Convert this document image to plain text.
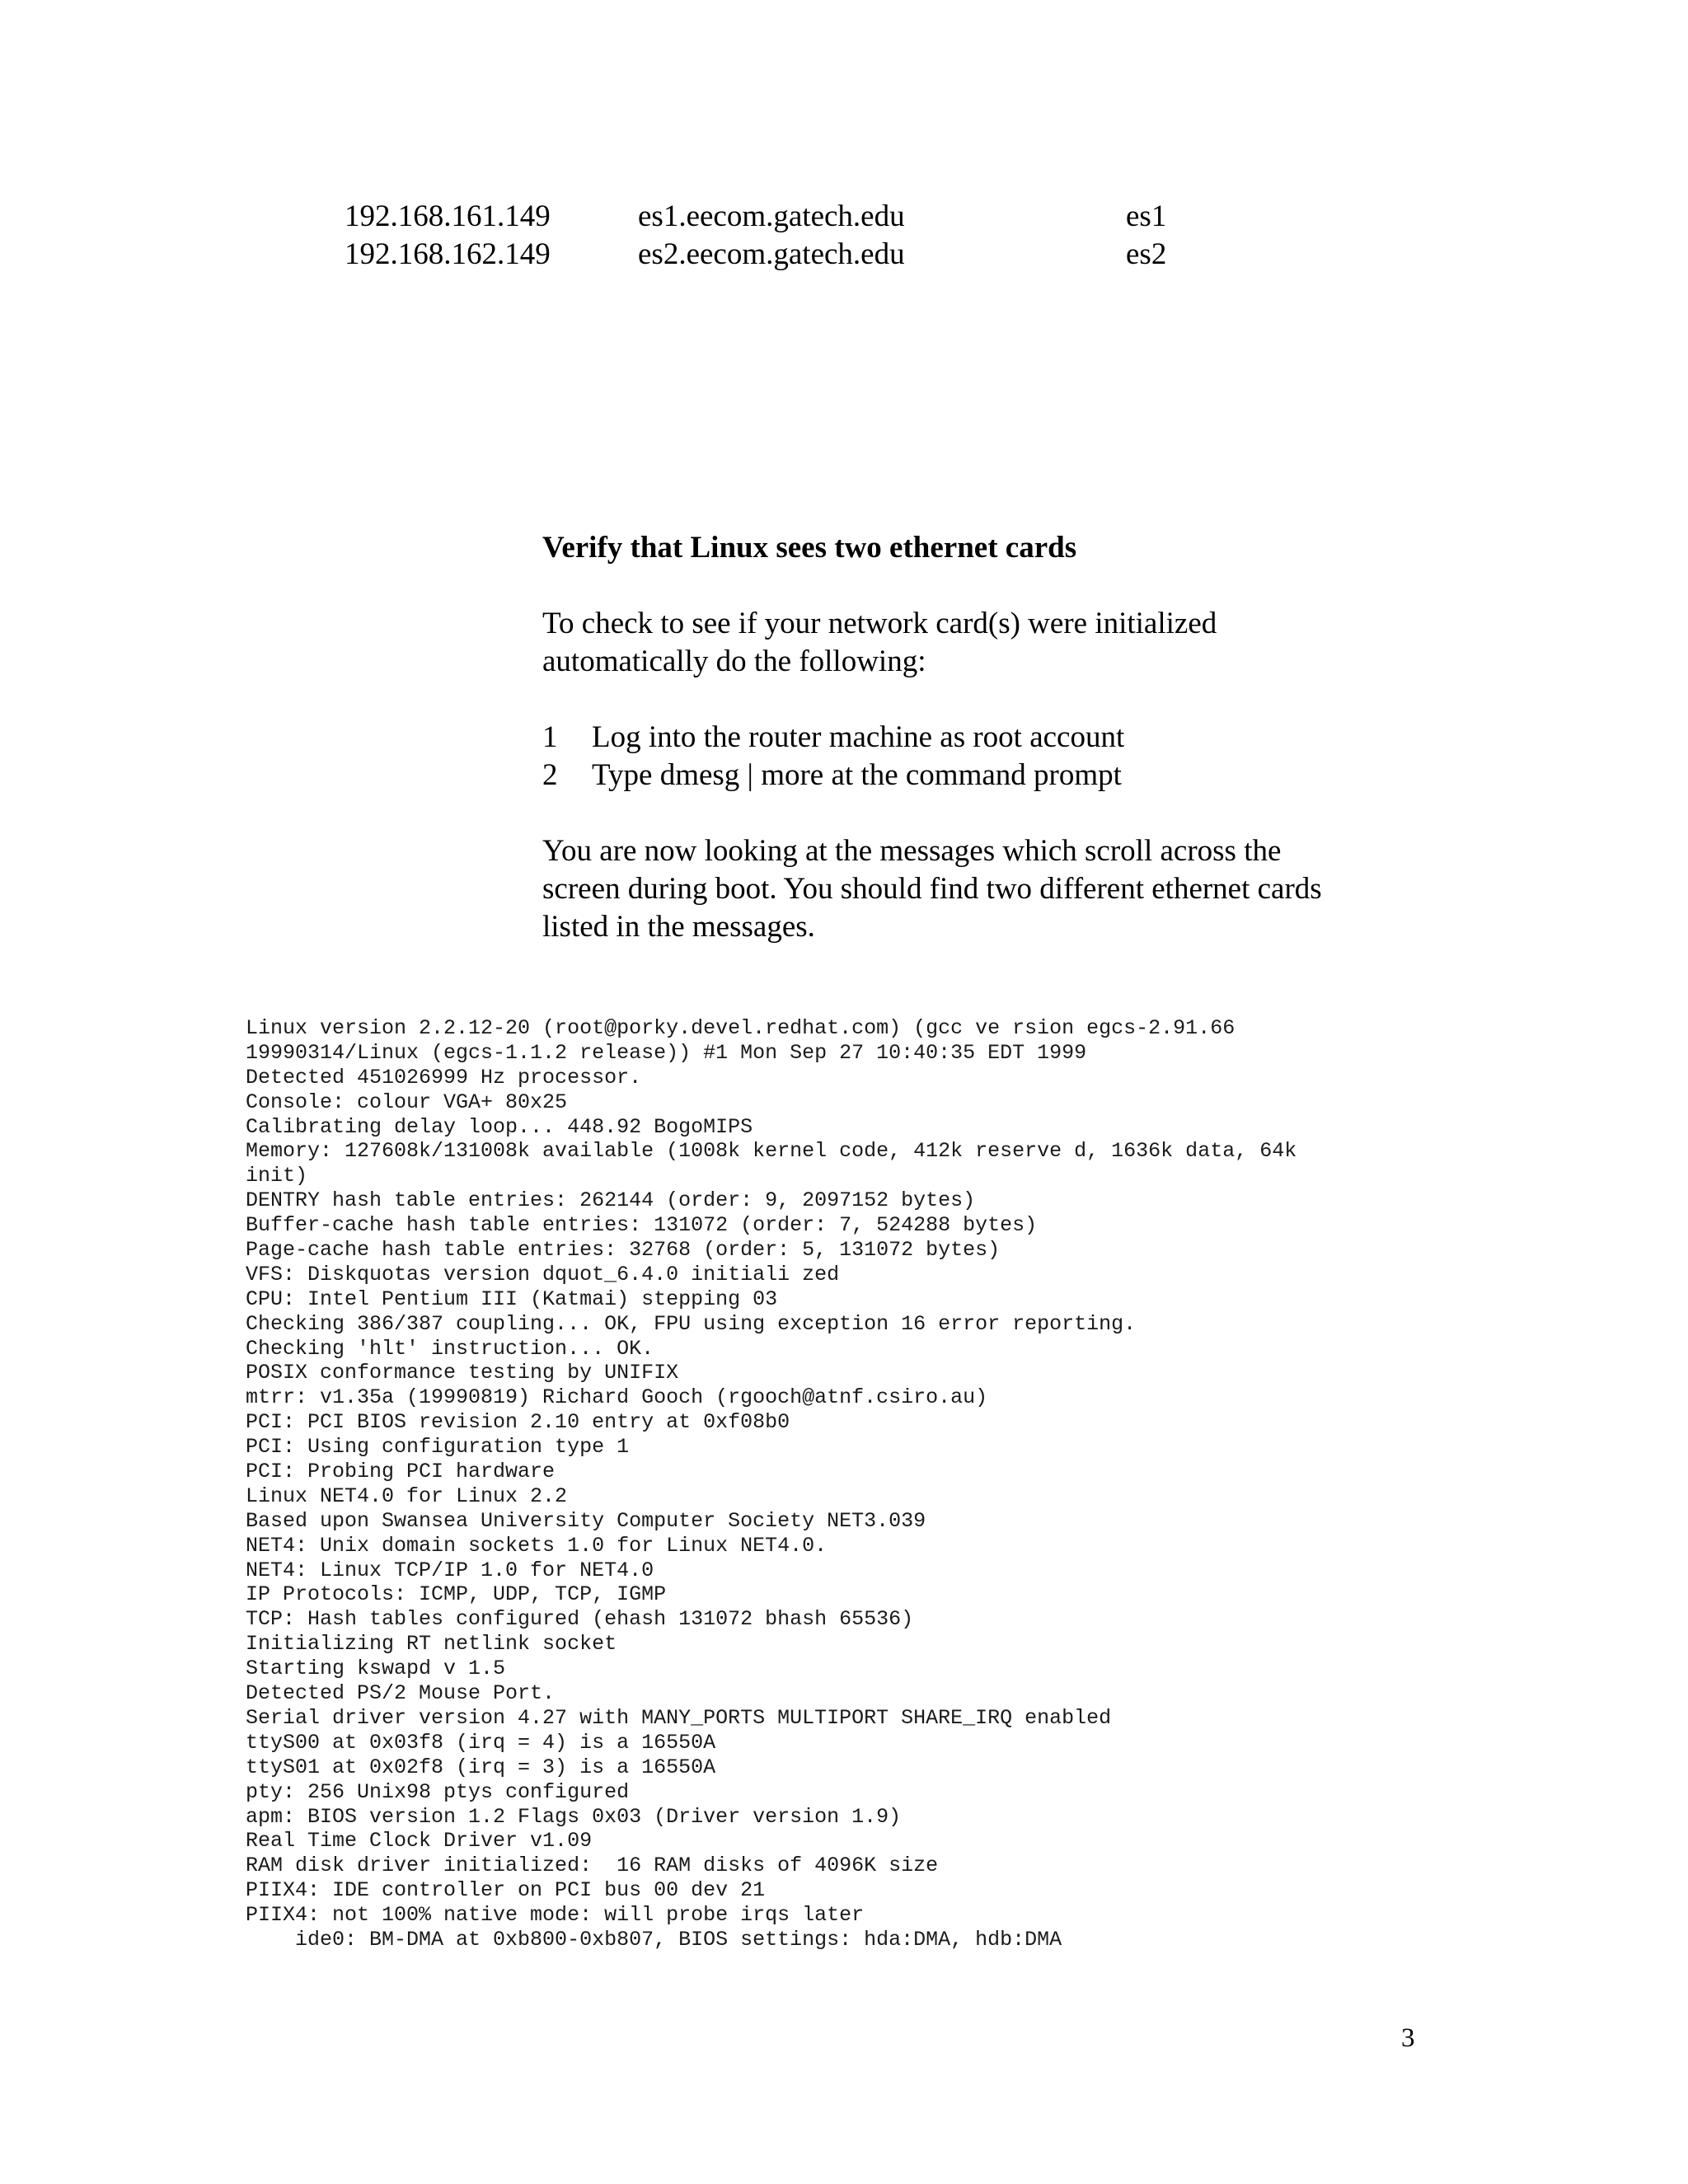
192.168.161.149	es1.eecom.gatech.edu	es1
192.168.162.149	es2.eecom.gatech.edu	es2
Verify that Linux sees two ethernet cards

To check to see if your network card(s) were initialized
automatically do the following:

1 Log into the router machine as root account
2 Type dmesg | more at the command prompt

You are now looking at the messages which scroll across the
screen during boot. You should find two different ethernet cards
listed in the messages.

Linux version 2.2.12-20 (root@porky.devel.redhat.com) (gcc ve rsion egcs-2.91.66
19990314/Linux (egcs-1.1.2 release)) #1 Mon Sep 27 10:40:35 EDT 1999
Detected 451026999 Hz processor.
Console: colour VGA+ 80x25
Calibrating delay loop... 448.92 BogoMIPS
Memory: 127608k/131008k available (1008k kernel code, 412k reserve d, 1636k data, 64k
init)
DENTRY hash table entries: 262144 (order: 9, 2097152 bytes)
Buffer-cache hash table entries: 131072 (order: 7, 524288 bytes)
Page-cache hash table entries: 32768 (order: 5, 131072 bytes)
VFS: Diskquotas version dquot_6.4.0 initiali zed
CPU: Intel Pentium III (Katmai) stepping 03
Checking 386/387 coupling... OK, FPU using exception 16 error reporting.
Checking 'hlt' instruction... OK.
POSIX conformance testing by UNIFIX
mtrr: v1.35a (19990819) Richard Gooch (rgooch@atnf.csiro.au)
PCI: PCI BIOS revision 2.10 entry at 0xf08b0
PCI: Using configuration type 1
PCI: Probing PCI hardware
Linux NET4.0 for Linux 2.2
Based upon Swansea University Computer Society NET3.039
NET4: Unix domain sockets 1.0 for Linux NET4.0.
NET4: Linux TCP/IP 1.0 for NET4.0
IP Protocols: ICMP, UDP, TCP, IGMP
TCP: Hash tables configured (ehash 131072 bhash 65536)
Initializing RT netlink socket
Starting kswapd v 1.5
Detected PS/2 Mouse Port.
Serial driver version 4.27 with MANY_PORTS MULTIPORT SHARE_IRQ enabled
ttyS00 at 0x03f8 (irq = 4) is a 16550A
ttyS01 at 0x02f8 (irq = 3) is a 16550A
pty: 256 Unix98 ptys configured
apm: BIOS version 1.2 Flags 0x03 (Driver version 1.9)
Real Time Clock Driver v1.09
RAM disk driver initialized:  16 RAM disks of 4096K size
PIIX4: IDE controller on PCI bus 00 dev 21
PIIX4: not 100% native mode: will probe irqs later
ide0: BM-DMA at 0xb800-0xb807, BIOS settings: hda:DMA, hdb:DMA
3
